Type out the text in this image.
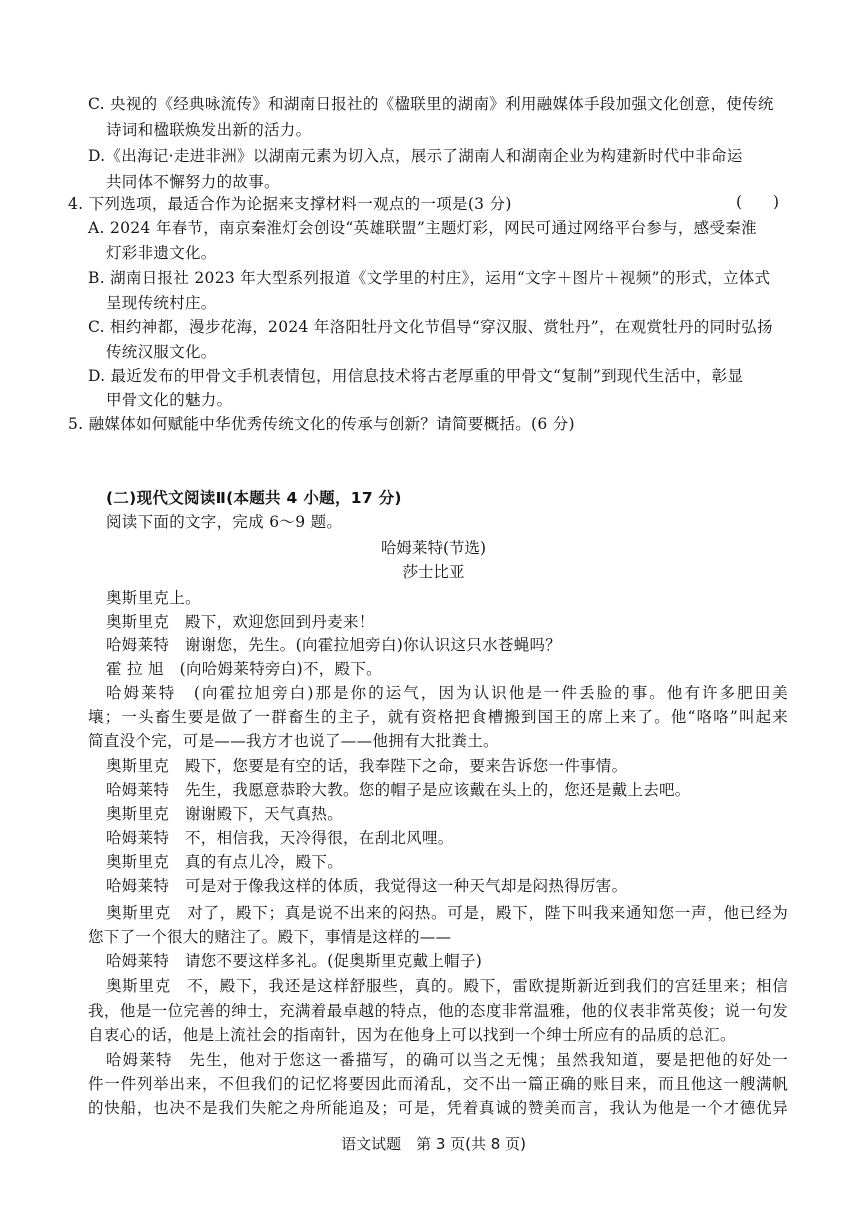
C. 央视的《经典咏流传》和湖南日报社的《楹联里的湖南》利用融媒体手段加强文化创意，使传统
诗词和楹联焕发出新的活力。
D.《出海记·走进非洲》以湖南元素为切入点，展示了湖南人和湖南企业为构建新时代中非命运
共同体不懈努力的故事。
4. 下列选项，最适合作为论据来支撑材料一观点的一项是(3 分)	(　　)
A. 2024 年春节，南京秦淮灯会创设“英雄联盟”主题灯彩，网民可通过网络平台参与，感受秦淮
灯彩非遗文化。
B. 湖南日报社 2023 年大型系列报道《文学里的村庄》，运用“文字＋图片＋视频”的形式，立体式
呈现传统村庄。
C. 相约神都，漫步花海，2024 年洛阳牡丹文化节倡导“穿汉服、赏牡丹”，在观赏牡丹的同时弘扬
传统汉服文化。
D. 最近发布的甲骨文手机表情包，用信息技术将古老厚重的甲骨文“复制”到现代生活中，彰显
甲骨文化的魅力。
5. 融媒体如何赋能中华优秀传统文化的传承与创新？请简要概括。(6 分)
(二)现代文阅读Ⅱ(本题共 4 小题，17 分)
阅读下面的文字，完成 6～9 题。
哈姆莱特(节选)
莎士比亚
奥斯里克上。
奥斯里克　殿下，欢迎您回到丹麦来！
哈姆莱特　谢谢您，先生。(向霍拉旭旁白)你认识这只水苍蝇吗？
霍 拉 旭　(向哈姆莱特旁白)不，殿下。
哈姆莱特　(向霍拉旭旁白)那是你的运气，因为认识他是一件丢脸的事。他有许多肥田美
壤；一头畜生要是做了一群畜生的主子，就有资格把食槽搬到国王的席上来了。他“咯咯”叫起来
简直没个完，可是——我方才也说了——他拥有大批粪土。
奥斯里克　殿下，您要是有空的话，我奉陛下之命，要来告诉您一件事情。
哈姆莱特　先生，我愿意恭聆大教。您的帽子是应该戴在头上的，您还是戴上去吧。
奥斯里克　谢谢殿下，天气真热。
哈姆莱特　不，相信我，天冷得很，在刮北风哩。
奥斯里克　真的有点儿冷，殿下。
哈姆莱特　可是对于像我这样的体质，我觉得这一种天气却是闷热得厉害。
奥斯里克　对了，殿下；真是说不出来的闷热。可是，殿下，陛下叫我来通知您一声，他已经为
您下了一个很大的赌注了。殿下，事情是这样的——
哈姆莱特　请您不要这样多礼。(促奥斯里克戴上帽子)
奥斯里克　不，殿下，我还是这样舒服些，真的。殿下，雷欧提斯新近到我们的宫廷里来；相信
我，他是一位完善的绅士，充满着最卓越的特点，他的态度非常温雅，他的仪表非常英俊；说一句发
自衷心的话，他是上流社会的指南针，因为在他身上可以找到一个绅士所应有的品质的总汇。
哈姆莱特　先生，他对于您这一番描写，的确可以当之无愧；虽然我知道，要是把他的好处一
件一件列举出来，不但我们的记忆将要因此而淆乱，交不出一篇正确的账目来，而且他这一艘满帆
的快船，也决不是我们失舵之舟所能追及；可是，凭着真诚的赞美而言，我认为他是一个才德优异
语文试题　第 3 页(共 8 页)
